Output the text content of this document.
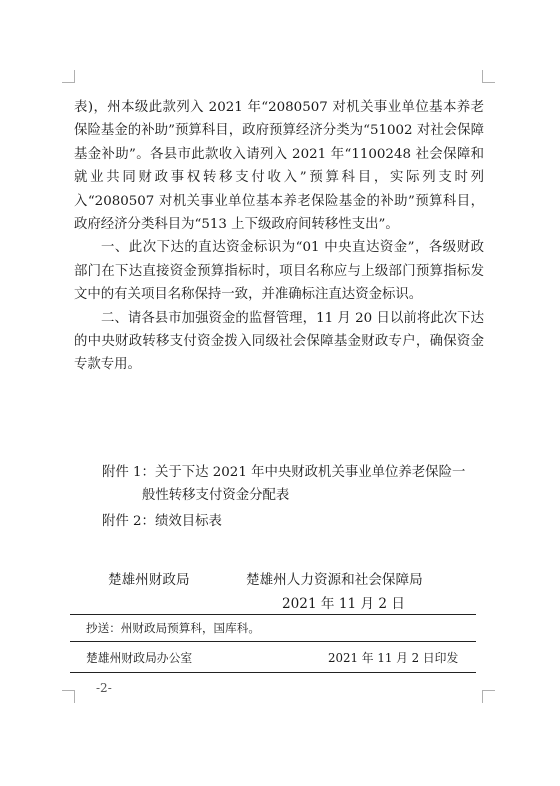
表)，州本级此款列入 2021 年“2080507 对机关事业单位基本养老保险基金的补助”预算科目，政府预算经济分类为“51002 对社会保障基金补助”。各县市此款收入请列入 2021 年“1100248 社会保障和就业共同财政事权转移支付收入”预算科目，实际列支时列入“2080507 对机关事业单位基本养老保险基金的补助”预算科目，政府经济分类科目为“513 上下级政府间转移性支出”。

一、此次下达的直达资金标识为“01 中央直达资金”，各级财政部门在下达直接资金预算指标时，项目名称应与上级部门预算指标发文中的有关项目名称保持一致，并准确标注直达资金标识。

二、请各县市加强资金的监督管理，11 月 20 日以前将此次下达的中央财政转移支付资金拨入同级社会保障基金财政专户，确保资金专款专用。

附件 1：关于下达 2021 年中央财政机关事业单位养老保险一
般性转移支付资金分配表
附件 2：绩效目标表
楚雄州财政局	楚雄州人力资源和社会保障局
2021 年 11 月 2 日
抄送：州财政局预算科，国库科。
楚雄州财政局办公室	2021 年 11 月 2 日印发
-2-
